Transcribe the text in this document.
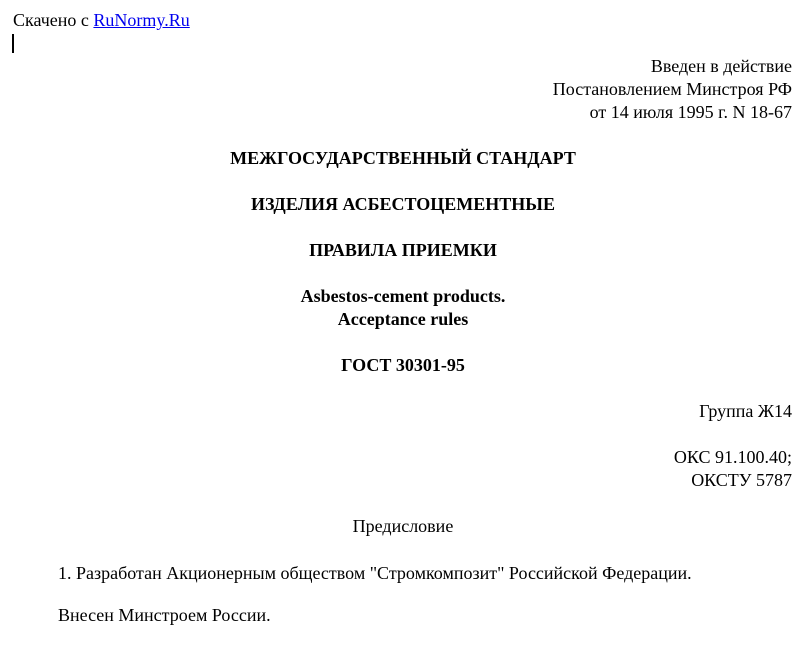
Скачено с RuNormy.Ru
Введен в действие
Постановлением Минстроя РФ
от 14 июля 1995 г. N 18-67
МЕЖГОСУДАРСТВЕННЫЙ СТАНДАРТ
ИЗДЕЛИЯ АСБЕСТОЦЕМЕНТНЫЕ
ПРАВИЛА ПРИЕМКИ
Asbestos-cement products.
Acceptance rules
ГОСТ 30301-95
Группа Ж14
ОКС 91.100.40;
ОКСТУ 5787
Предисловие
1. Разработан Акционерным обществом "Стромкомпозит" Российской Федерации.
Внесен Минстроем России.
